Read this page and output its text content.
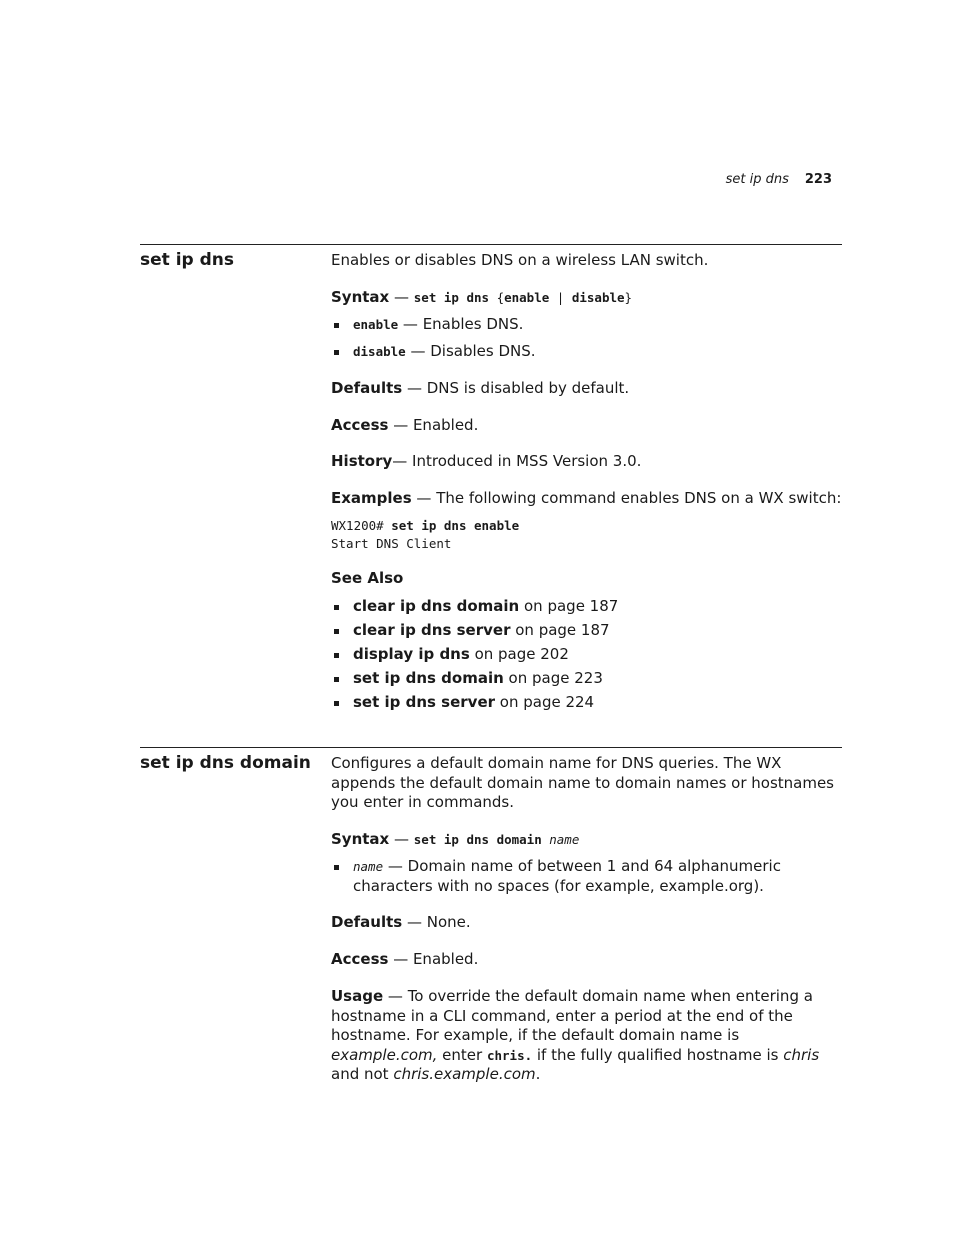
set ip dns 223
set ip dns	Enables or disables DNS on a wireless LAN switch.

Syntax — set ip dns {enable | disable}

enable — Enables DNS.

disable — Disables DNS.

Defaults — DNS is disabled by default.

Access — Enabled.

History— Introduced in MSS Version 3.0.

Examples — The following command enables DNS on a WX switch:

WX1200# set ip dns enable
Start DNS Client

See Also

clear ip dns domain on page 187

clear ip dns server on page 187

display ip dns on page 202

set ip dns domain on page 223

set ip dns server on page 224

set ip dns domain Configures a default domain name for DNS queries. The WX appends the default domain name to domain names or hostnames you enter in commands.

Syntax — set ip dns domain name

name — Domain name of between 1 and 64 alphanumeric characters with no spaces (for example, example.org).

Defaults — None.

Access — Enabled.

Usage — To override the default domain name when entering a hostname in a CLI command, enter a period at the end of the hostname. For example, if the default domain name is example.com, enter chris. if the fully qualified hostname is chris and not chris.example.com.
